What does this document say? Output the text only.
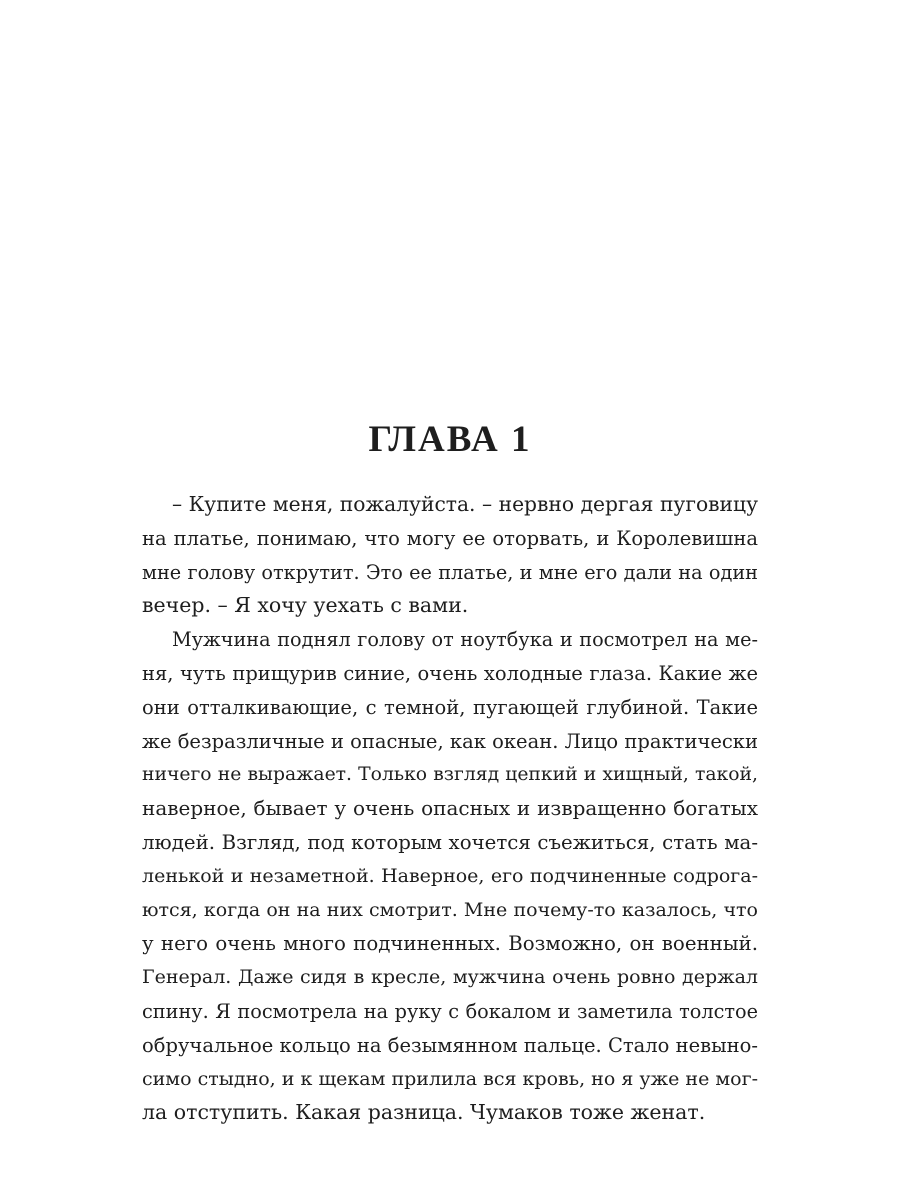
ГЛАВА 1
– Купите меня, пожалуйста. – нервно дергая пуговицу
на платье, понимаю, что могу ее оторвать, и Королевишна
мне голову открутит. Это ее платье, и мне его дали на один
вечер. – Я хочу уехать с вами.
Мужчина поднял голову от ноутбука и посмотрел на ме-
ня, чуть прищурив синие, очень холодные глаза. Какие же
они отталкивающие, с темной, пугающей глубиной. Такие
же безразличные и опасные, как океан. Лицо практически
ничего не выражает. Только взгляд цепкий и хищный, такой,
наверное, бывает у очень опасных и извращенно богатых
людей. Взгляд, под которым хочется съежиться, стать ма-
ленькой и незаметной. Наверное, его подчиненные содрога-
ются, когда он на них смотрит. Мне почему-то казалось, что
у него очень много подчиненных. Возможно, он военный.
Генерал. Даже сидя в кресле, мужчина очень ровно держал
спину. Я посмотрела на руку с бокалом и заметила толстое
обручальное кольцо на безымянном пальце. Стало невыно-
симо стыдно, и к щекам прилила вся кровь, но я уже не мог-
ла отступить. Какая разница. Чумаков тоже женат.
